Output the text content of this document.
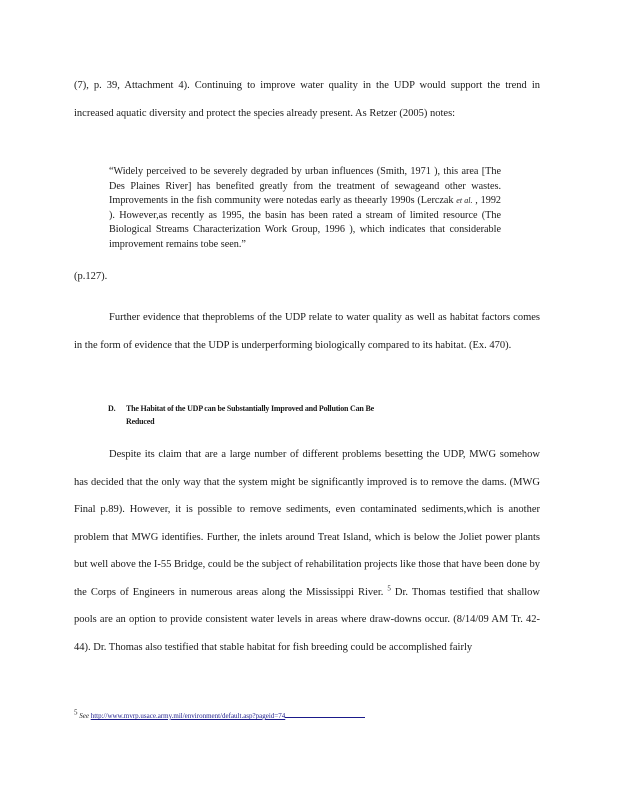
(7), p. 39, Attachment 4). Continuing to improve water quality in the UDP would support the trend in increased aquatic diversity and protect the species already present. As Retzer (2005) notes:
“Widely perceived to be severely degraded by urban influences (Smith, 1971 ), this area [The Des Plaines River] has benefited greatly from the treatment of sewageand other wastes. Improvements in the fish community were notedas early as theearly 1990s (Lerczak et al. , 1992 ). However,as recently as 1995, the basin has been rated a stream of limited resource (The Biological Streams Characterization Work Group, 1996 ), which indicates that considerable improvement remains tobe seen.”
(p.127).
Further evidence that theproblems of the UDP relate to water quality as well as habitat factors comes in the form of evidence that the UDP is underperforming biologically compared to its habitat. (Ex. 470).
D. The Habitat of the UDP can be Substantially Improved and Pollution Can Be
Reduced
Despite its claim that are a large number of different problems besetting the UDP, MWG somehow has decided that the only way that the system might be significantly improved is to remove the dams. (MWG Final p.89). However, it is possible to remove sediments, even contaminated sediments,which is another problem that MWG identifies. Further, the inlets around Treat Island, which is below the Joliet power plants but well above the I-55 Bridge, could be the subject of rehabilitation projects like those that have been done by the Corps of Engineers in numerous areas along the Mississippi River. $^5$ Dr. Thomas testified that shallow pools are an option to provide consistent water levels in areas where draw-downs occur. (8/14/09 AM Tr. 42-44). Dr. Thomas also testified that stable habitat for fish breeding could be accomplished fairly
$^5$ See http://www.mvrp.usace.army.mil/environment/default.asp?pageid=74
